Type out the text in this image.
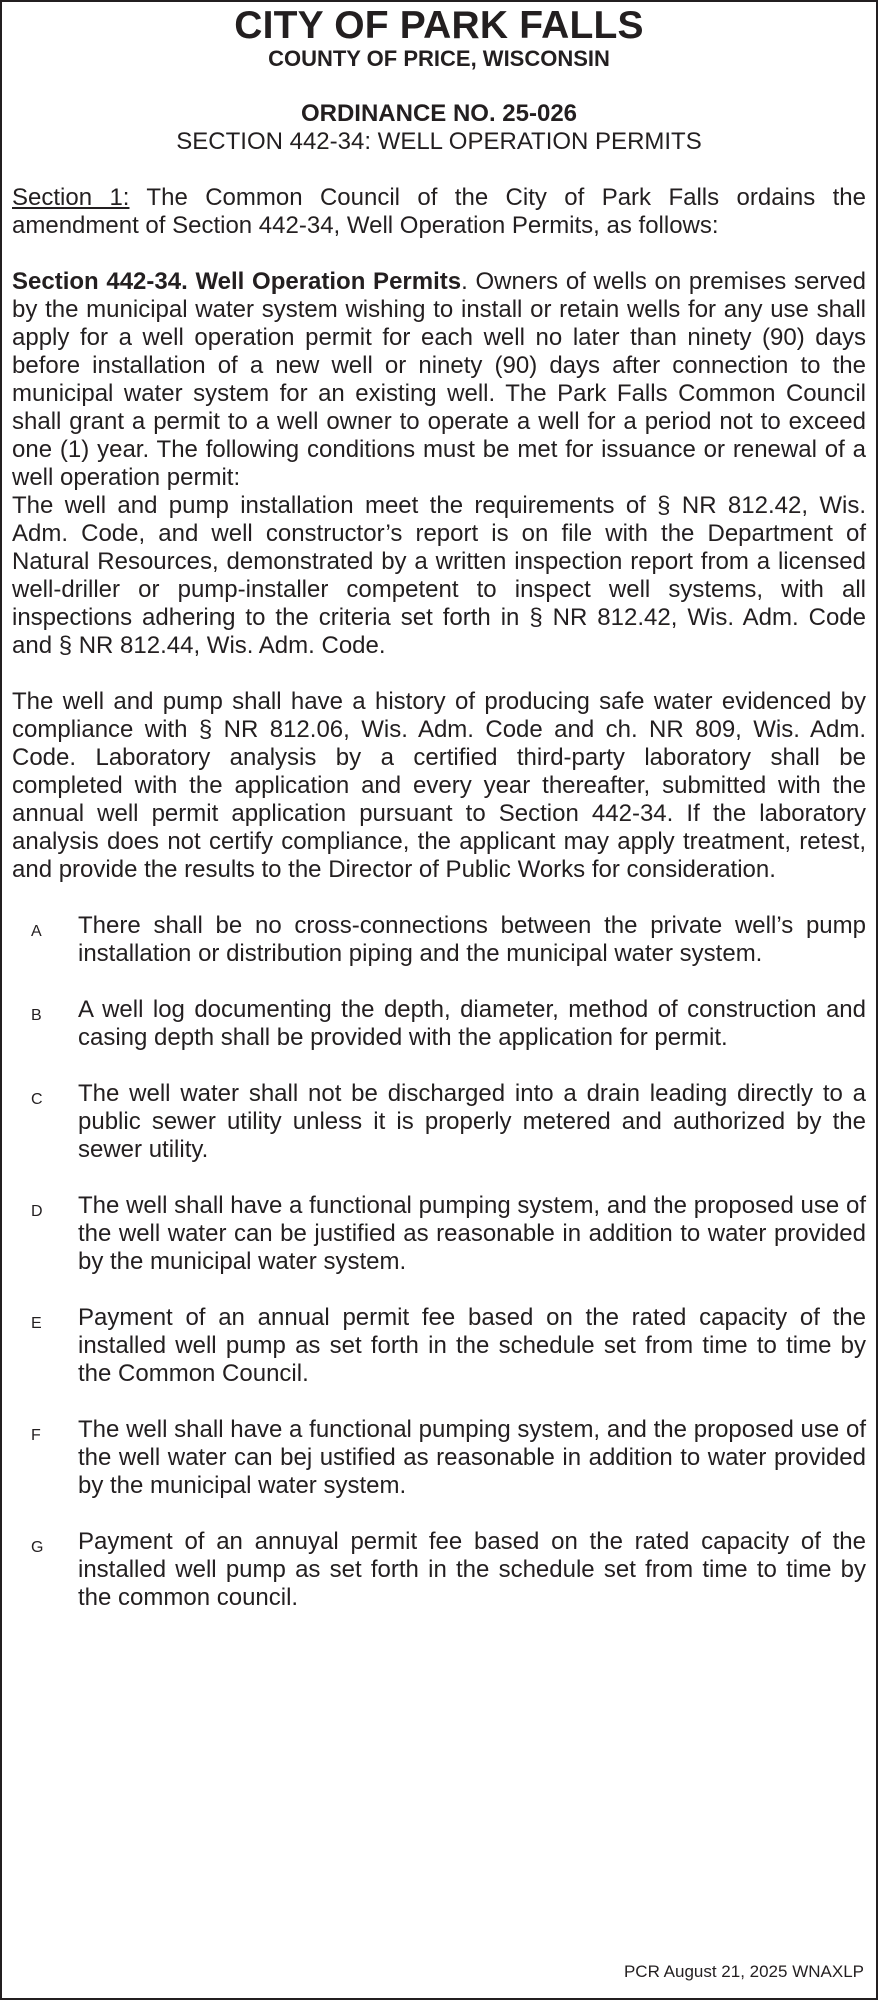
CITY OF PARK FALLS
COUNTY OF PRICE, WISCONSIN
ORDINANCE NO. 25-026
SECTION 442-34: WELL OPERATION PERMITS

Section 1: The Common Council of the City of Park Falls ordains the amendment of Section 442-34, Well Operation Permits, as follows:

Section 442-34. Well Operation Permits. Owners of wells on premises served by the municipal water system wishing to install or retain wells for any use shall apply for a well operation permit for each well no later than ninety (90) days before installation of a new well or ninety (90) days after connection to the municipal water system for an existing well. The Park Falls Common Council shall grant a permit to a well owner to operate a well for a period not to exceed one (1) year. The following conditions must be met for issuance or renewal of a well operation permit:

The well and pump installation meet the requirements of § NR 812.42, Wis. Adm. Code, and well constructor’s report is on file with the Department of Natural Resources, demonstrated by a written inspection report from a licensed well-driller or pump-installer competent to inspect well systems, with all inspections adhering to the criteria set forth in § NR 812.42, Wis. Adm. Code and § NR 812.44, Wis. Adm. Code.

The well and pump shall have a history of producing safe water evidenced by compliance with § NR 812.06, Wis. Adm. Code and ch. NR 809, Wis. Adm. Code. Laboratory analysis by a certified third-party laboratory shall be completed with the application and every year thereafter, submitted with the annual well permit application pursuant to Section 442-34. If the laboratory analysis does not certify compliance, the applicant may apply treatment, retest, and provide the results to the Director of Public Works for consideration.

A	There shall be no cross-connections between the private well’s pump installation or distribution piping and the municipal water system.
B	A well log documenting the depth, diameter, method of construction and casing depth shall be provided with the application for permit.
C	The well water shall not be discharged into a drain leading directly to a public sewer utility unless it is properly metered and authorized by the sewer utility.
D	The well shall have a functional pumping system, and the proposed use of the well water can be justified as reasonable in addition to water provided by the municipal water system.
E	Payment of an annual permit fee based on the rated capacity of the installed well pump as set forth in the schedule set from time to time by the Common Council.
F	The well shall have a functional pumping system, and the proposed use of the well water can bej ustified as reasonable in addition to water provided by the municipal water system.
G	Payment of an annuyal permit fee based on the rated capacity of the installed well pump as set forth in the schedule set from time to time by the common council.
PCR August 21, 2025 WNAXLP
